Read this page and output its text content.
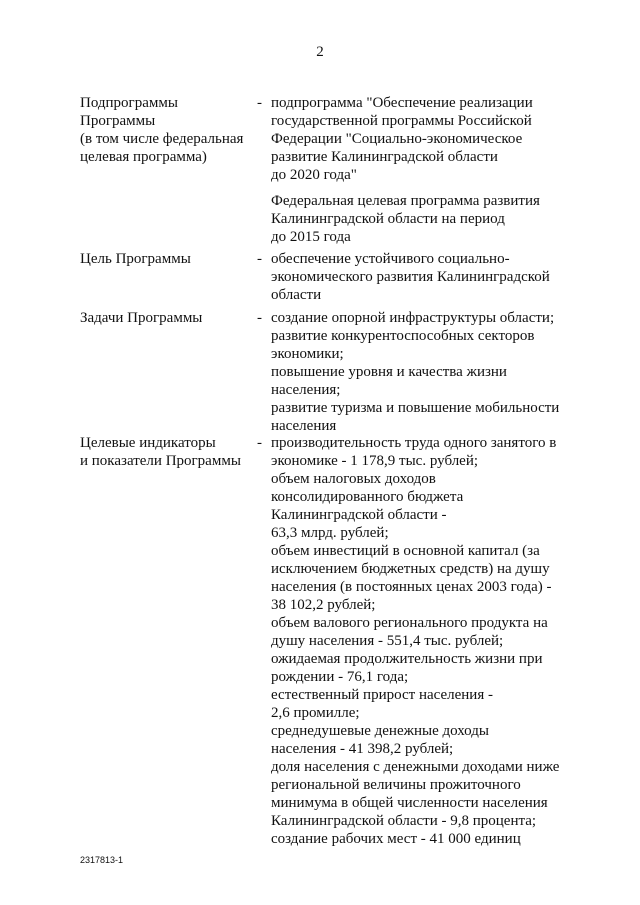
2
Подпрограммы
Программы
(в том числе федеральная
целевая программа)
- подпрограмма "Обеспечение реализации
государственной программы Российской
Федерации "Социально-экономическое
развитие Калининградской области
до 2020 года"
Федеральная целевая программа развития
Калининградской области на период
до 2015 года
Цель Программы	- обеспечение устойчивого социально-
экономического развития Калининградской
области
Задачи Программы	- создание опорной инфраструктуры области;
развитие конкурентоспособных секторов
экономики;
повышение уровня и качества жизни
населения;
развитие туризма и повышение мобильности
населения
Целевые индикаторы
и показатели Программы
- производительность труда одного занятого в
экономике - 1 178,9 тыс. рублей;
объем налоговых доходов
консолидированного бюджета
Калининградской области -
63,3 млрд. рублей;
объем инвестиций в основной капитал (за
исключением бюджетных средств) на душу
населения (в постоянных ценах 2003 года) -
38 102,2 рублей;
объем валового регионального продукта на
душу населения - 551,4 тыс. рублей;
ожидаемая продолжительность жизни при
рождении - 76,1 года;
естественный прирост населения -
2,6 промилле;
среднедушевые денежные доходы
населения - 41 398,2 рублей;
доля населения с денежными доходами ниже
региональной величины прожиточного
минимума в общей численности населения
Калининградской области - 9,8 процента;
создание рабочих мест - 41 000 единиц
2317813-1
